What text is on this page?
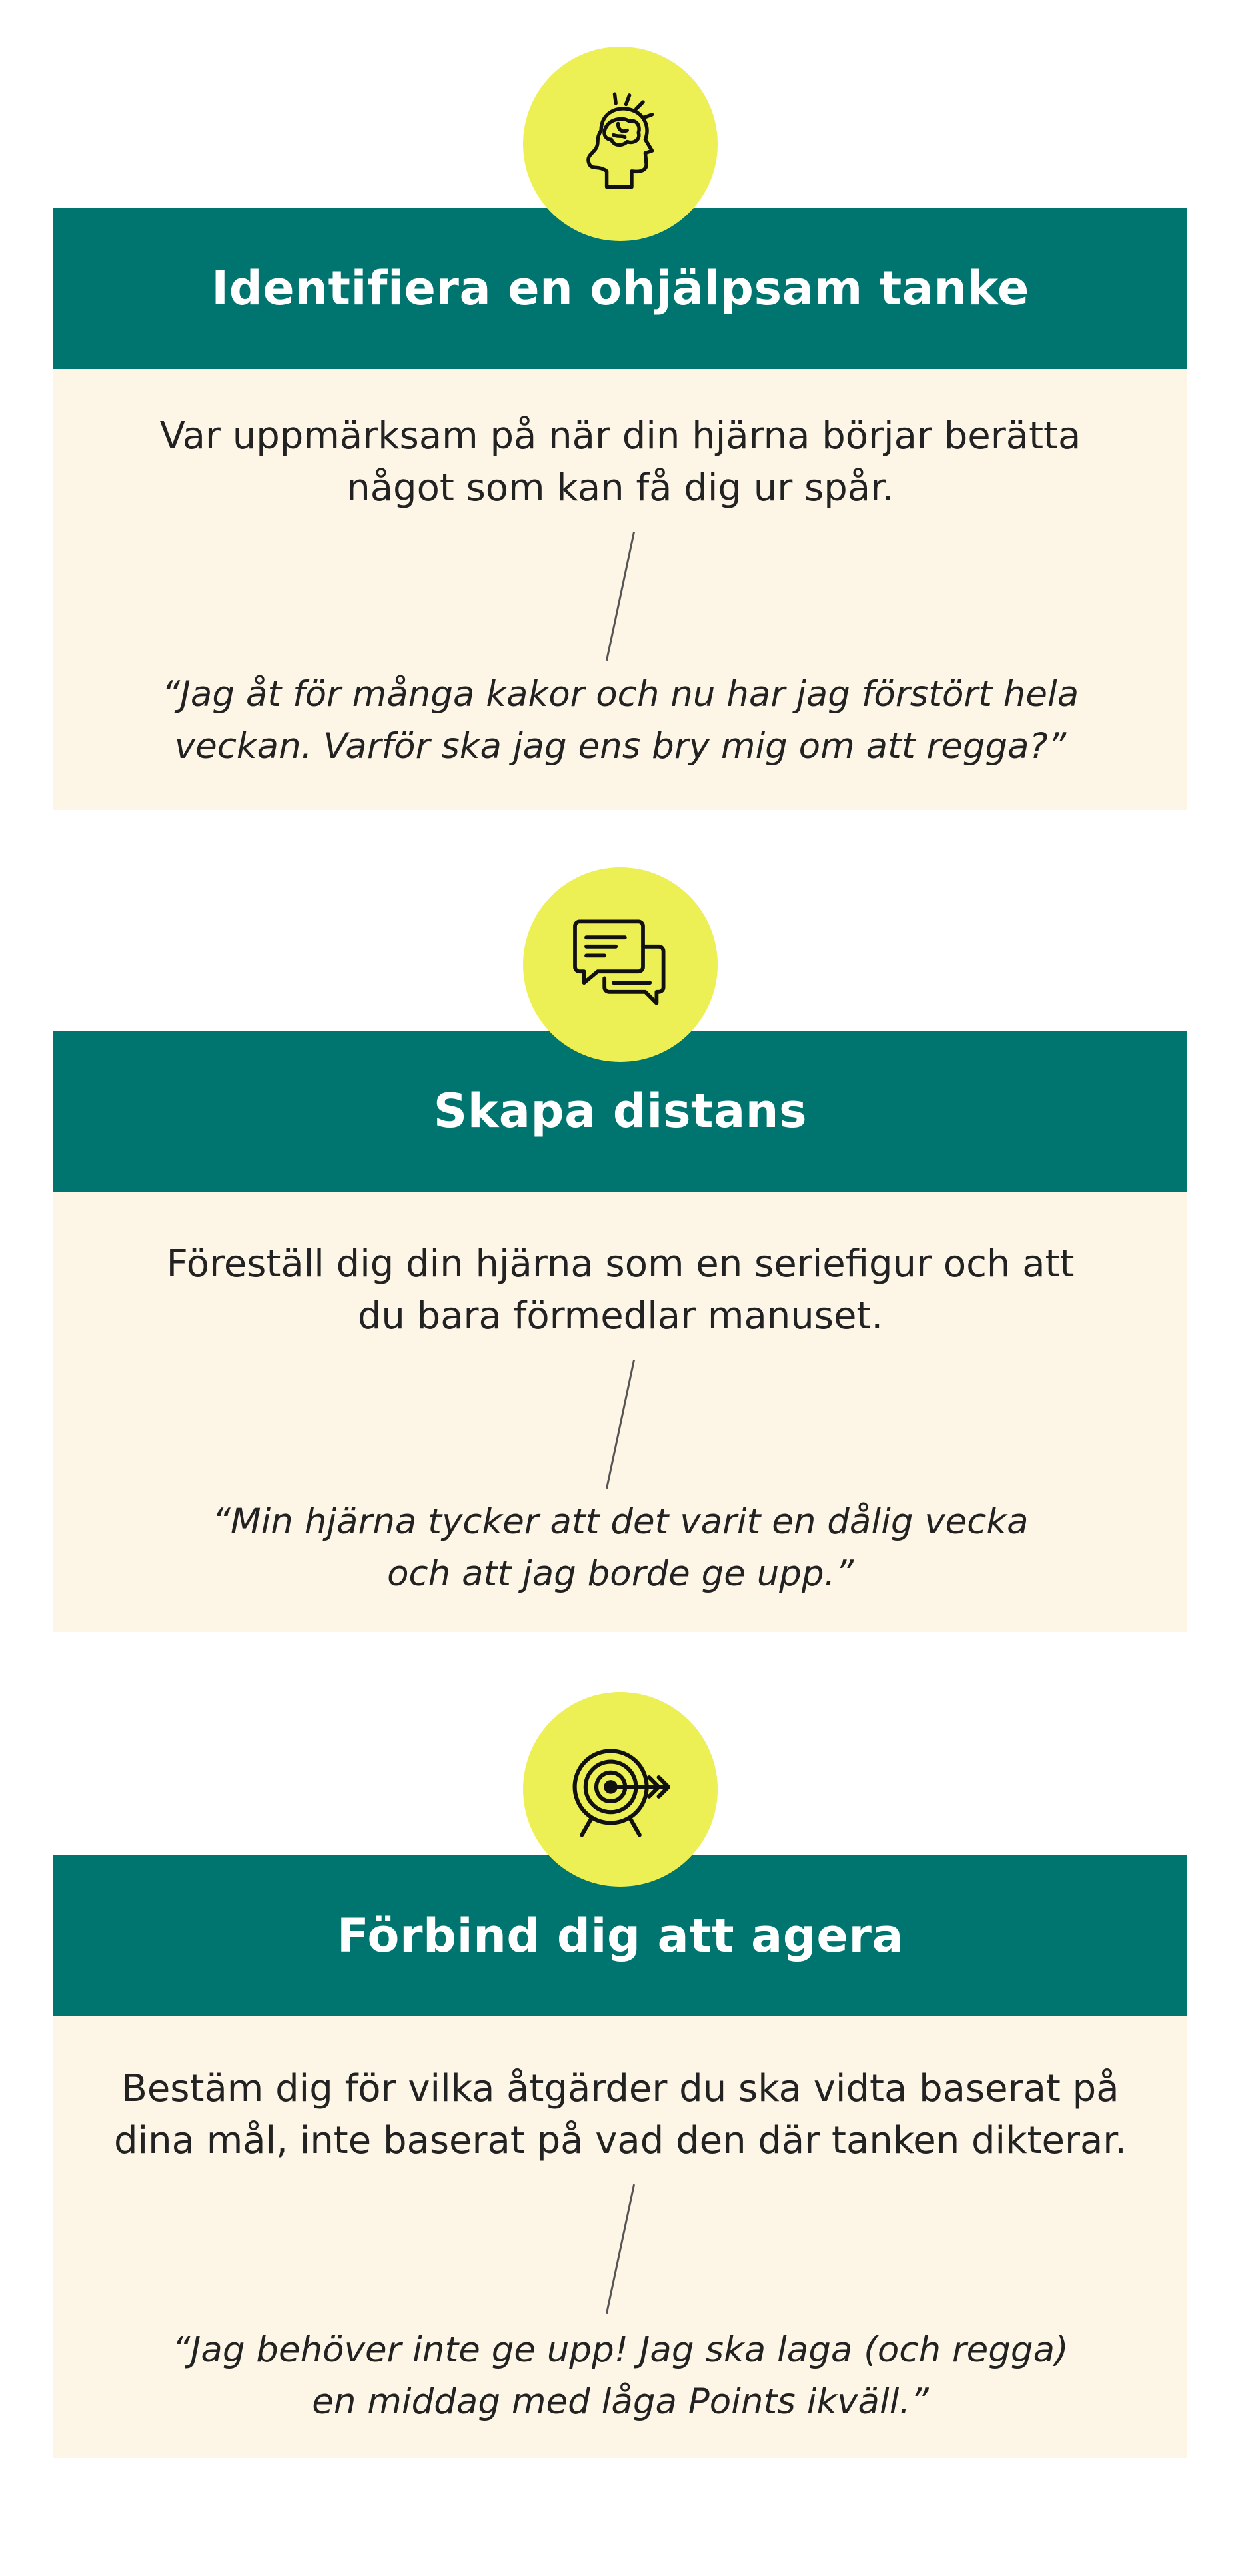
Identifiera en ohjälpsam tanke

Var uppmärksam på när din hjärna börjar berätta
något som kan få dig ur spår.

“Jag åt för många kakor och nu har jag förstört hela
veckan. Varför ska jag ens bry mig om att regga?”

Skapa distans

Föreställ dig din hjärna som en seriefigur och att
du bara förmedlar manuset.

“Min hjärna tycker att det varit en dålig vecka
och att jag borde ge upp.”

Förbind dig att agera

Bestäm dig för vilka åtgärder du ska vidta baserat på
dina mål, inte baserat på vad den där tanken dikterar.

“Jag behöver inte ge upp! Jag ska laga (och regga)
en middag med låga Points ikväll.”
